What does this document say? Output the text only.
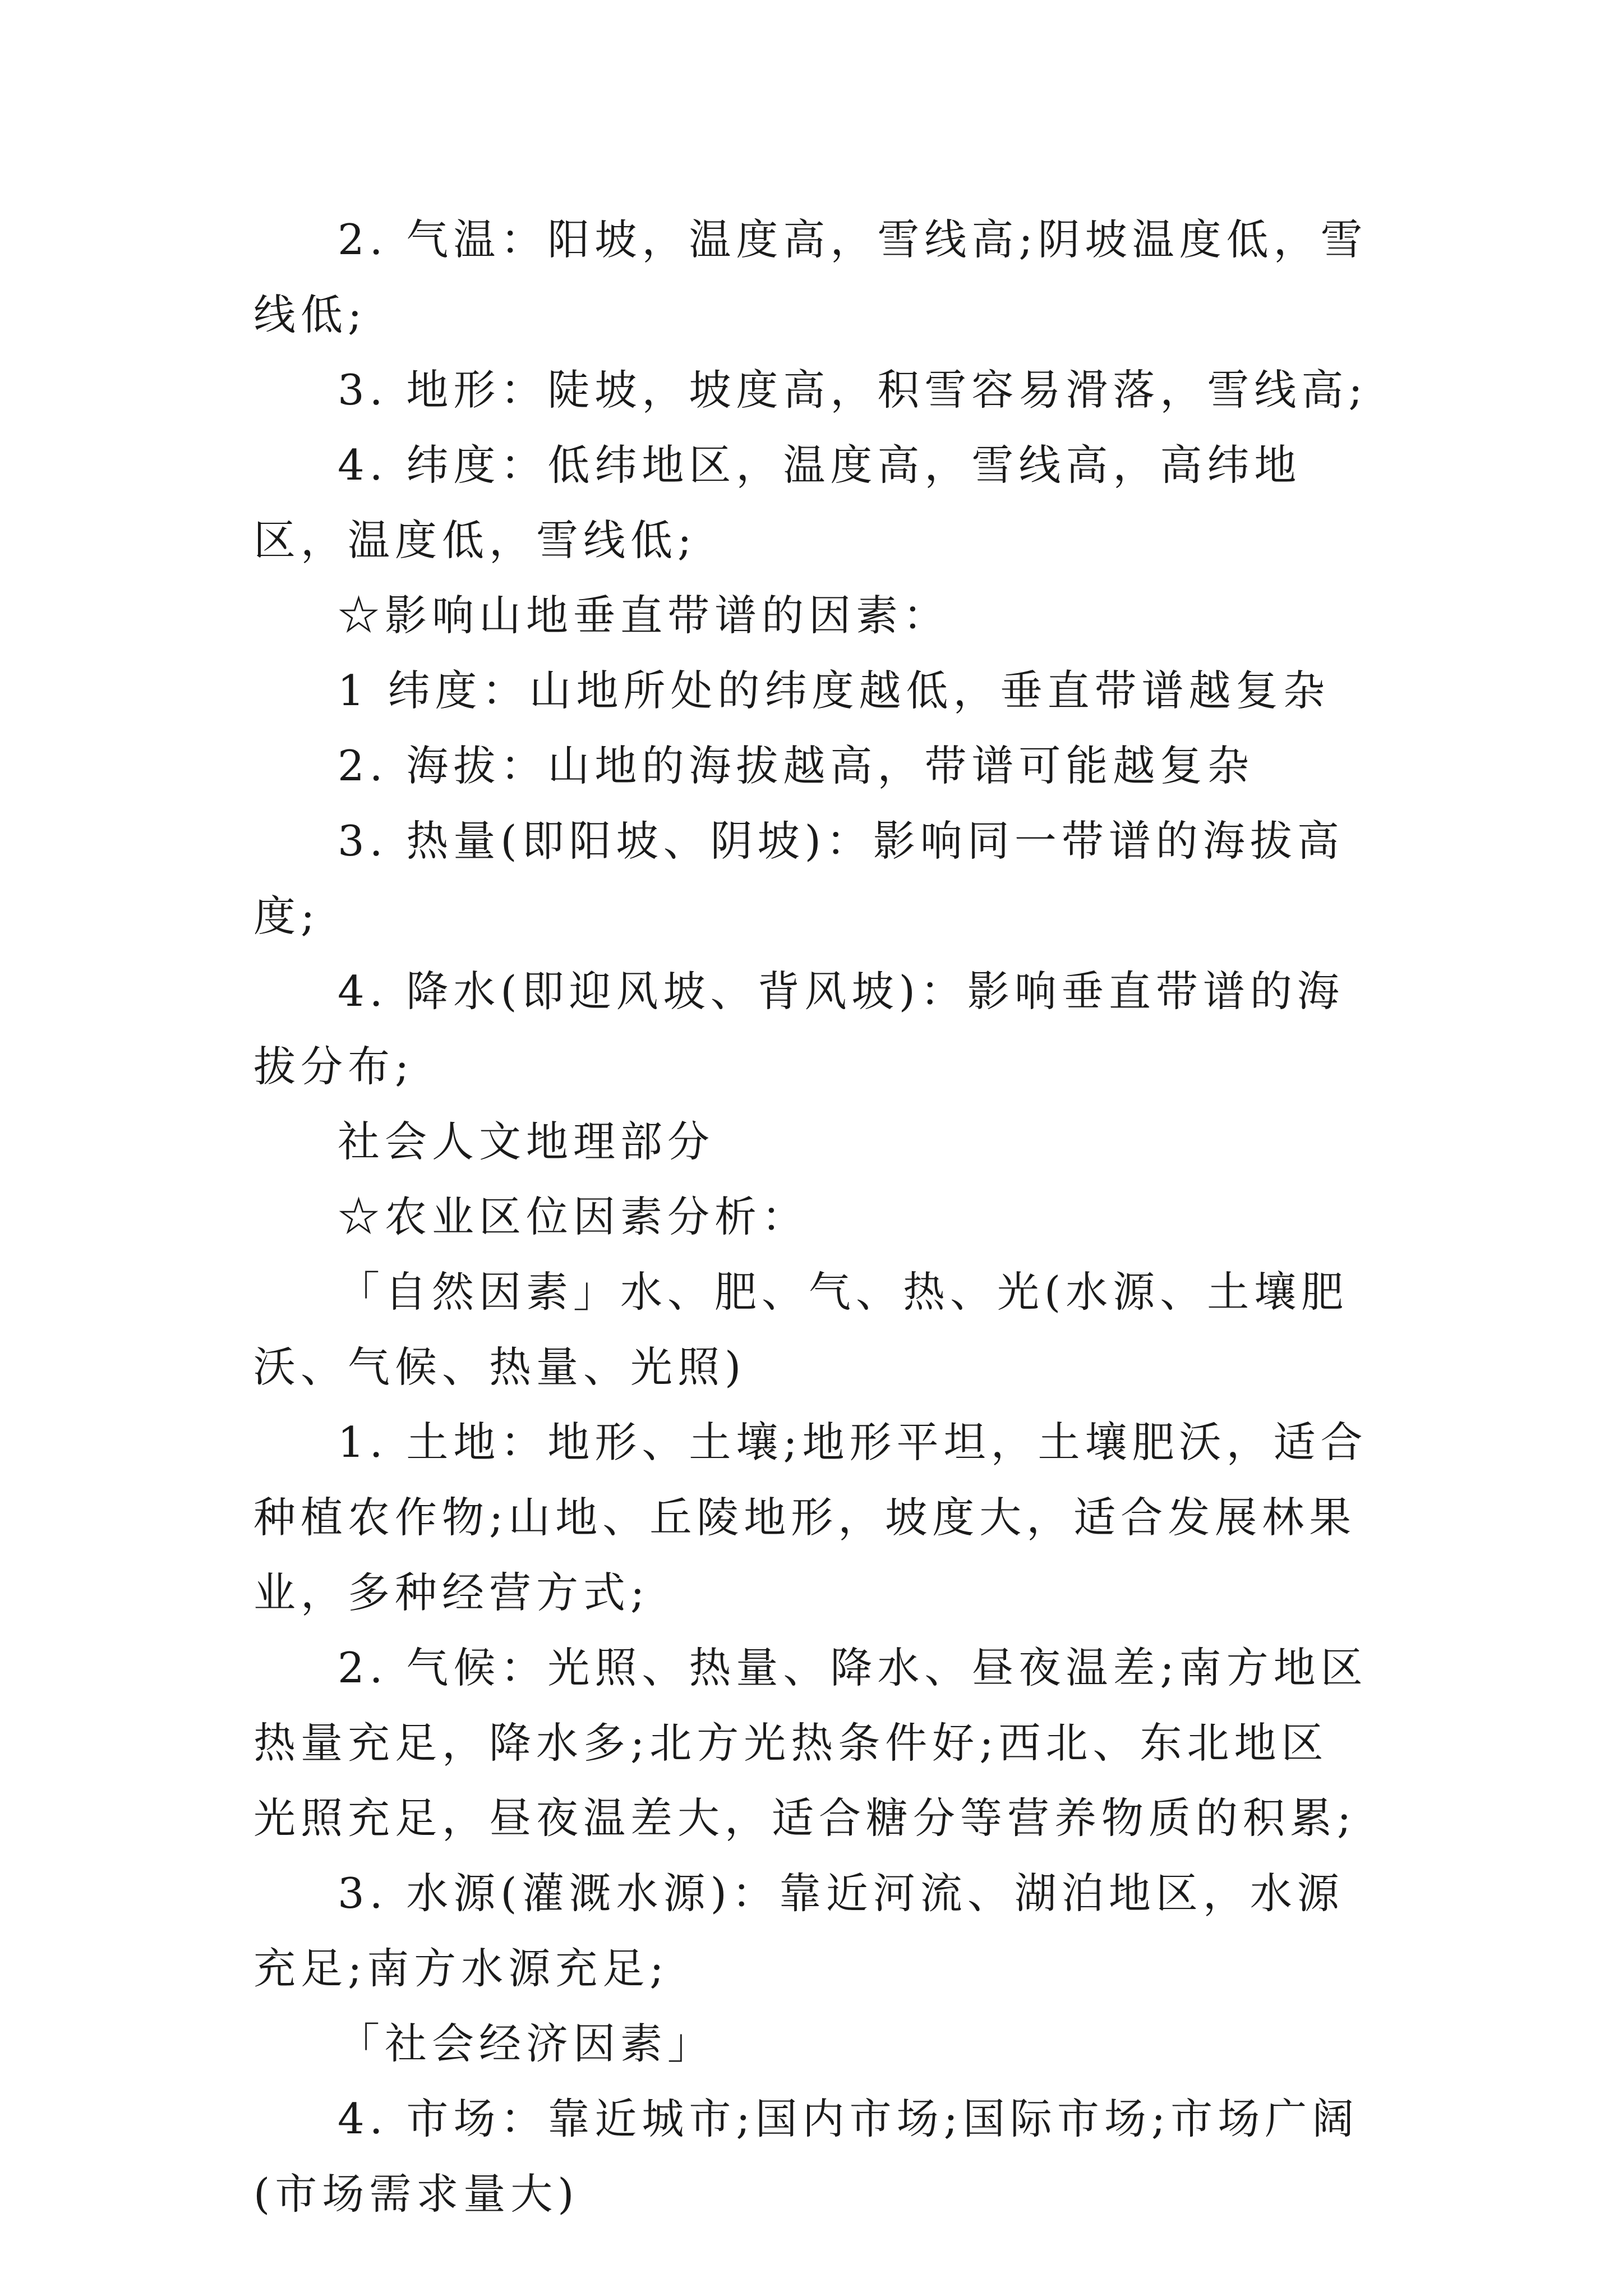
2. 气温：阳坡，温度高，雪线高;阴坡温度低，雪线低;

3. 地形：陡坡，坡度高，积雪容易滑落，雪线高;

4. 纬度：低纬地区，温度高，雪线高，高纬地区，温度低，雪线低;

☆影响山地垂直带谱的因素：

1 纬度：山地所处的纬度越低，垂直带谱越复杂

2. 海拔：山地的海拔越高，带谱可能越复杂

3. 热量(即阳坡、阴坡)：影响同一带谱的海拔高度;

4. 降水(即迎风坡、背风坡)：影响垂直带谱的海拔分布;

社会人文地理部分

☆农业区位因素分析：

「自然因素」水、肥、气、热、光(水源、土壤肥沃、气候、热量、光照)

1. 土地：地形、土壤;地形平坦，土壤肥沃，适合种植农作物;山地、丘陵地形，坡度大，适合发展林果业，多种经营方式;

2. 气候：光照、热量、降水、昼夜温差;南方地区热量充足，降水多;北方光热条件好;西北、东北地区光照充足，昼夜温差大，适合糖分等营养物质的积累;

3. 水源(灌溉水源)：靠近河流、湖泊地区，水源充足;南方水源充足;

「社会经济因素」

4. 市场：靠近城市;国内市场;国际市场;市场广阔(市场需求量大)
